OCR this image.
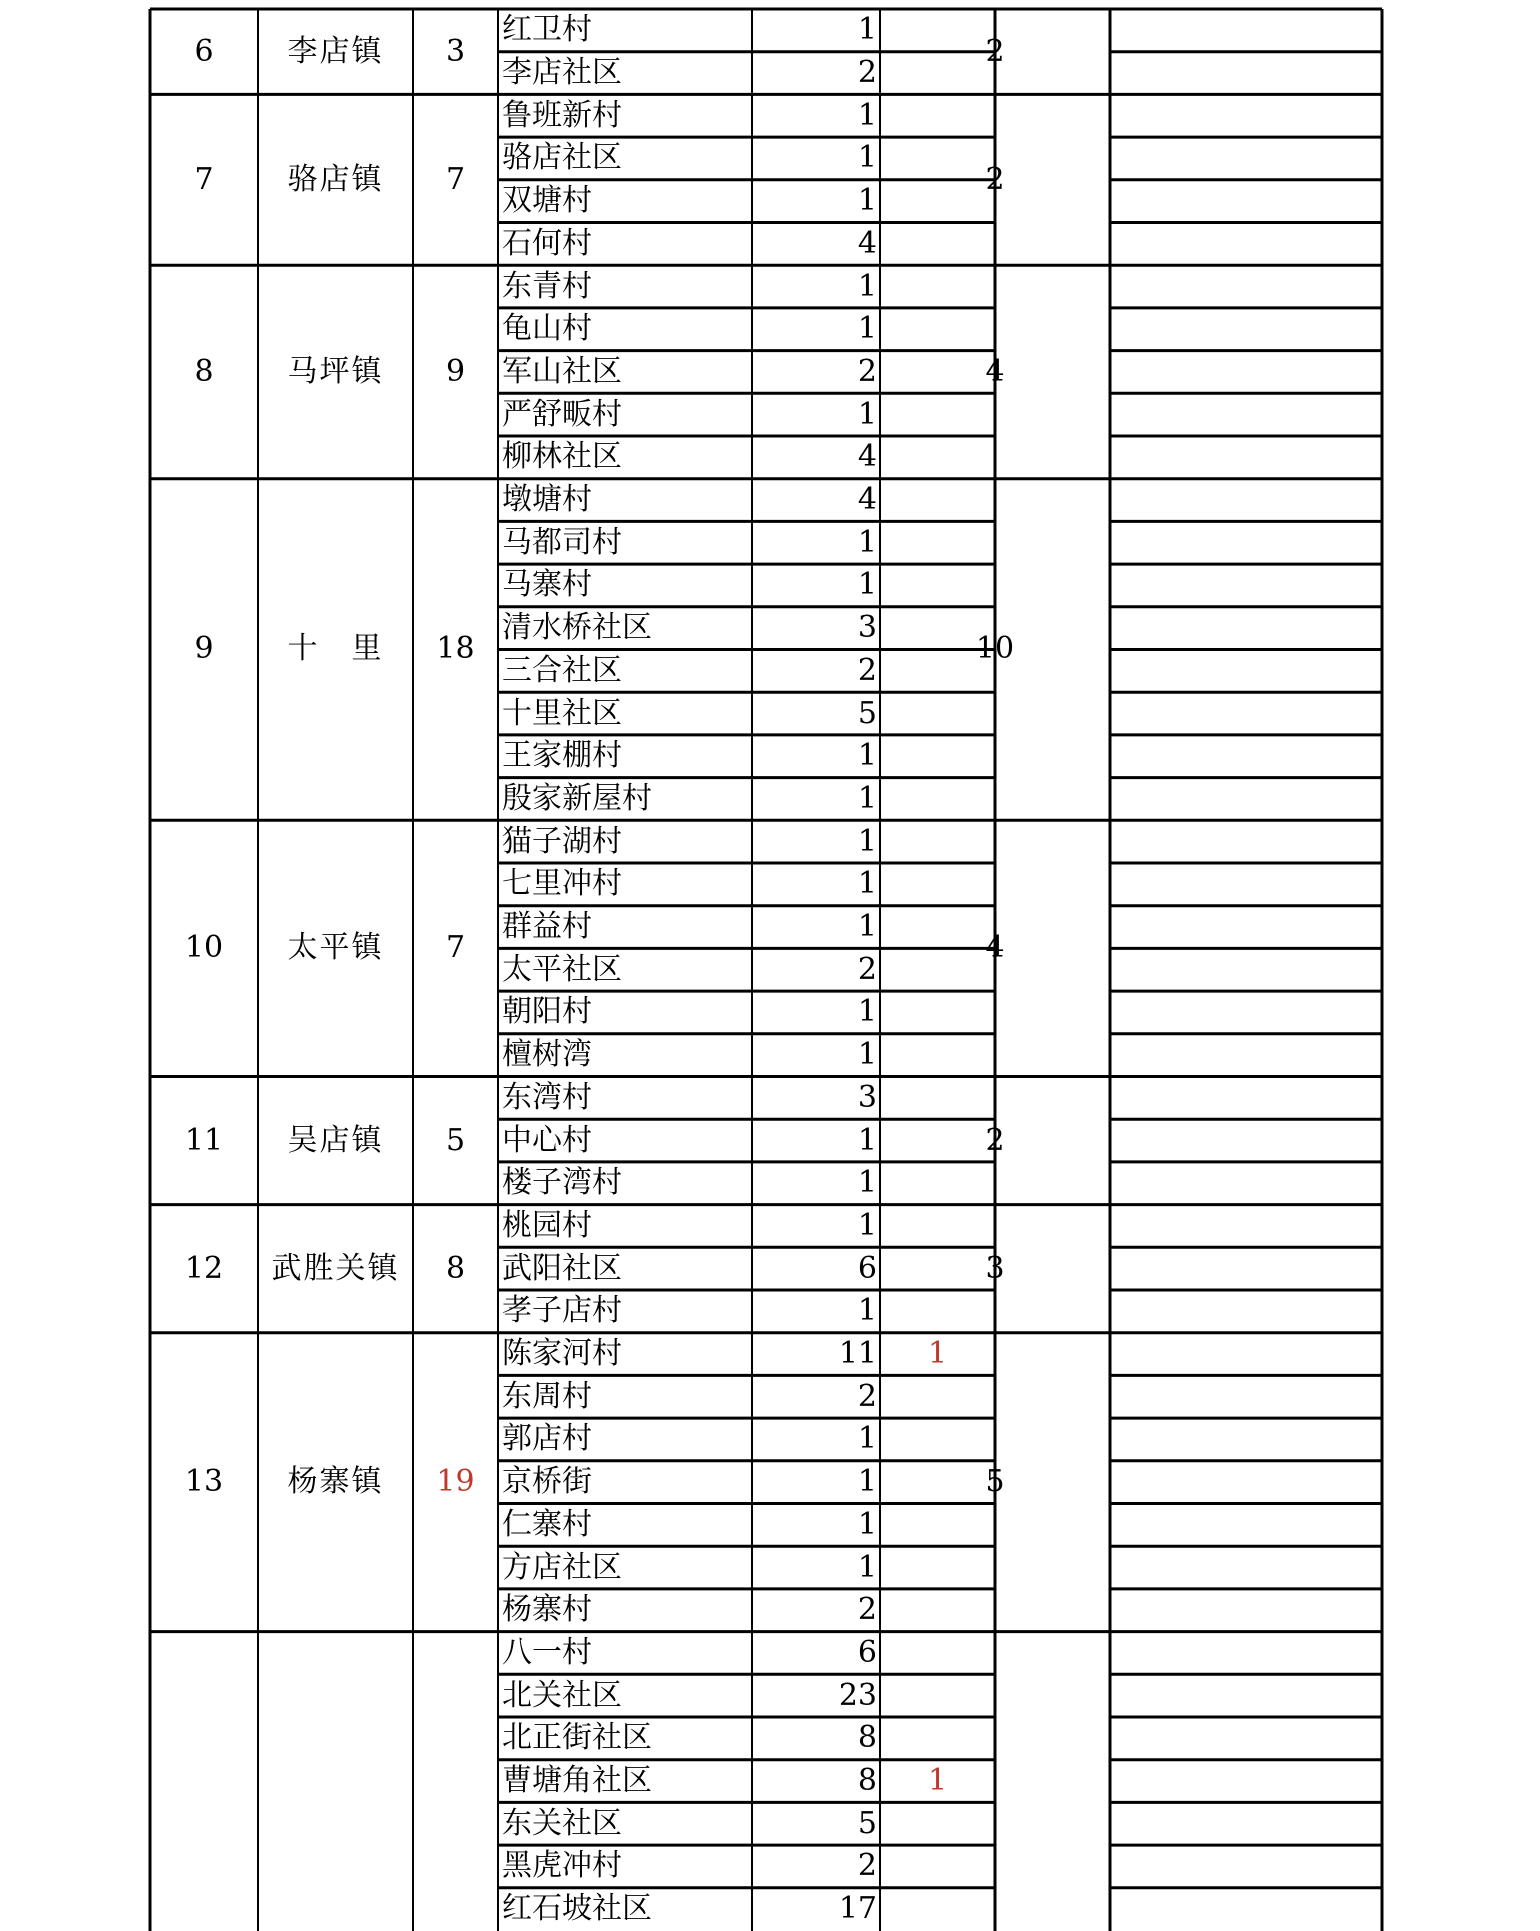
6	李店镇	3	2
红卫村	1
李店社区	2
7	骆店镇	7	2
鲁班新村	1
骆店社区	1
双塘村	1
石何村	4
8	马坪镇	9	4
东青村	1
龟山村	1
军山社区	2
严舒畈村	1
柳林社区	4
9	十　里	18	10
墩塘村	4
马都司村	1
马寨村	1
清水桥社区	3
三合社区	2
十里社区	5
王家棚村	1
殷家新屋村	1
10	太平镇	7	4
猫子湖村	1
七里冲村	1
群益村	1
太平社区	2
朝阳村	1
檀树湾	1
11	吴店镇	5	2
东湾村	3
中心村	1
楼子湾村	1
12	武胜关镇	8	3
桃园村	1
武阳社区	6
孝子店村	1
13	杨寨镇	19	5
陈家河村	11	1
东周村	2
郭店村	1
京桥街	1
仁寨村	1
方店社区	1
杨寨村	2
八一村	6
北关社区	23
北正街社区	8
曹塘角社区	8	1
东关社区	5
黑虎冲村	2
红石坡社区	17
